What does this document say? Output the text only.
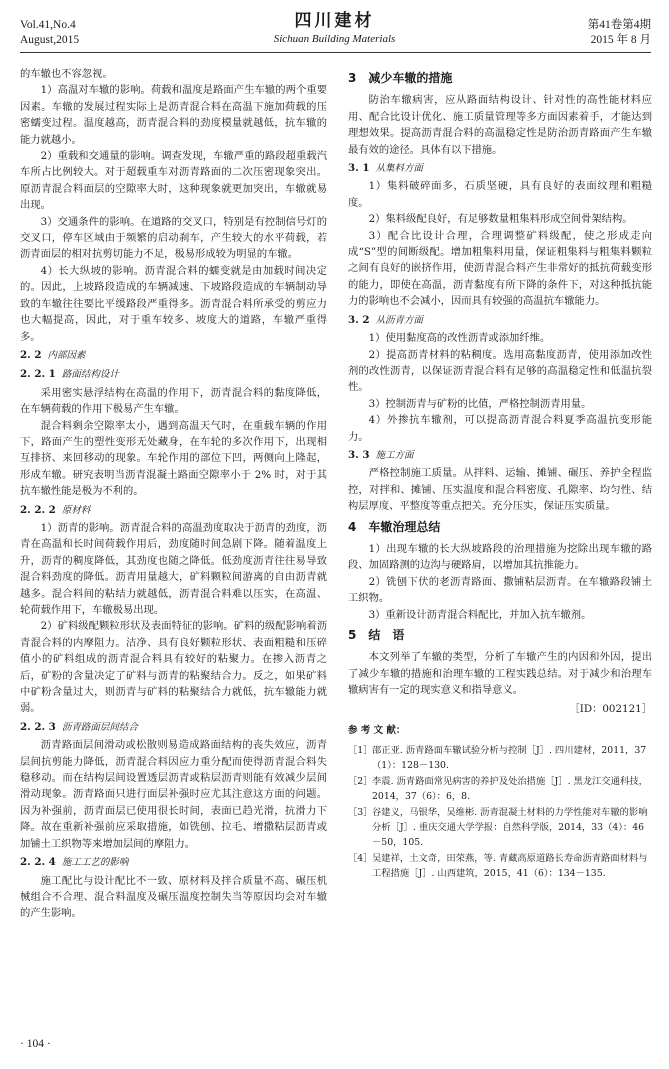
Vol.41,No.4
August,2015
四川建材
Sichuan Building Materials
第41卷第4期
2015 年 8 月

的车辙也不容忽视。

1）高温对车辙的影响。荷载和温度是路面产生车辙的两个重要因素。车辙的发展过程实际上是沥青混合料在高温下施加荷载的压密蠕变过程。温度越高，沥青混合料的劲度模量就越低，抗车辙的能力就越小。

2）重载和交通量的影响。调查发现，车辙严重的路段超重载汽车所占比例较大。对于超载重车对沥青路面的二次压密现象突出。原沥青混合料面层的空隙率大时，这种现象就更加突出，车辙就易出现。

3）交通条件的影响。在道路的交叉口，特别是有控制信号灯的交叉口，停车区域由于频繁的启动刹车，产生较大的水平荷载，若沥青面层的相对抗剪切能力不足，极易形成较为明显的车辙。

4）长大纵坡的影响。沥青混合料的蠕变就是由加载时间决定的。因此，上坡路段造成的车辆减速、下坡路段造成的车辆制动导致的车辙往往要比平缓路段严重得多。沥青混合料所承受的剪应力也大幅提高，因此，对于重车较多、坡度大的道路，车辙严重得多。

2. 2 内部因素
2. 2. 1 路面结构设计

采用密实悬浮结构在高温的作用下，沥青混合料的黏度降低，在车辆荷载的作用下极易产生车辙。

混合料剩余空隙率太小，遇到高温天气时，在重载车辆的作用下，路面产生的塑性变形无处藏身，在车轮的多次作用下，出现相互排挤、来回移动的现象。车轮作用的部位下凹，两侧向上隆起，形成车辙。研究表明当沥青混凝土路面空隙率小于 2% 时，对于其抗车辙性能是极为不利的。

2. 2. 2 原材料

1）沥青的影响。沥青混合料的高温劲度取决于沥青的劲度，沥青在高温和长时间荷载作用后，劲度随时间急剧下降。随着温度上升，沥青的稠度降低，其劲度也随之降低。低劲度沥青往往易导致混合料劲度的降低。沥青用量越大，矿料颗粒间游离的自由沥青就越多。混合料间的粘结力就越低，沥青混合料难以压实，在高温、轮荷载作用下，车辙极易出现。

2）矿料级配颗粒形状及表面特征的影响。矿料的级配影响着沥青混合料的内摩阻力。洁净、具有良好颗粒形状、表面粗糙和压碎值小的矿料组成的沥青混合料具有较好的粘聚力。在掺入沥青之后，矿粉的含量决定了矿料与沥青的粘聚结合力。反之，如果矿料中矿粉含量过大，则沥青与矿料的粘聚结合力就低，抗车辙能力就弱。

2. 2. 3 沥青路面层间结合

沥青路面层间滑动或松散则易造成路面结构的丧失效应，沥青层间抗剪能力降低，沥青混合料因应力重分配而使得沥青混合料失稳移动。而在结构层间设置透层沥青或粘层沥青则能有效减少层间滑动现象。沥青路面只进行面层补强时应尤其注意这方面的问题。因为补强前，沥青面层已使用很长时间，表面已趋光滑，抗滑力下降。故在重新补强前应采取措施，如铣刨、拉毛、增撒粘层沥青或加铺土工织物等来增加层间的摩阻力。

2. 2. 4 施工工艺的影响

施工配比与设计配比不一致、原材料及拌合质量不高、碾压机械组合不合理、混合料温度及碾压温度控制失当等原因均会对车辙的产生影响。

3　减少车辙的措施

防治车辙病害，应从路面结构设计、针对性的高性能材料应用、配合比设计优化、施工质量管理等多方面因素着手，才能达到理想效果。提高沥青混合料的高温稳定性是防治沥青路面产生车辙最有效的途径。具体有以下措施。

3. 1 从集料方面

1）集料破碎面多，石质坚硬，具有良好的表面纹理和粗糙度。

2）集料级配良好，有足够数量粗集料形成空间骨架结构。

3）配合比设计合理，合理调整矿料级配，使之形成走向成“S”型的间断级配。增加粗集料用量，保证粗集料与粗集料颗粒之间有良好的嵌挤作用，使沥青混合料产生非常好的抵抗荷载变形的能力，即使在高温，沥青黏度有所下降的条件下，对这种抵抗能力的影响也不会减小，因而具有较强的高温抗车辙能力。

3. 2 从沥青方面

1）使用黏度高的改性沥青或添加纤维。

2）提高沥青材料的粘稠度。选用高黏度沥青，使用添加改性剂的改性沥青，以保证沥青混合料有足够的高温稳定性和低温抗裂性。

3）控制沥青与矿粉的比值，严格控制沥青用量。

4）外掺抗车辙剂，可以提高沥青混合料夏季高温抗变形能力。

3. 3 施工方面

严格控制施工质量。从拌料、运输、摊铺、碾压、养护全程监控，对拌和、摊铺、压实温度和混合料密度、孔隙率、均匀性、结构层厚度、平整度等重点把关。充分压实，保证压实质量。

4　车辙治理总结

1）出现车辙的长大纵坡路段的治理措施为挖除出现车辙的路段、加固路测的边沟与硬路肩，以增加其抗推能力。

2）铣刨下伏的老沥青路面、撒铺粘层沥青。在车辙路段铺土工织物。

3）重新设计沥青混合料配比，并加入抗车辙剂。

5　结　语

本文列举了车辙的类型，分析了车辙产生的内因和外因，提出了减少车辙的措施和治理车辙的工程实践总结。对于减少和治理车辙病害有一定的现实意义和指导意义。

［ID：002121］
参 考 文 献：
［1］ 邵正亚. 沥青路面车辙试验分析与控制［J］. 四川建材，2011，37（1）：128－130.
［2］ 李震. 沥青路面常见病害的养护及处治措施［J］. 黑龙江交通科技，2014，37（6）：6，8.
［3］ 谷建义，马银华，吴维彬. 沥青混凝土材料的力学性能对车辙的影响分析［J］. 重庆交通大学学报：自然科学版，2014，33（4）：46－50，105.
［4］ 吴建祥，土文奇，田荣燕，等. 青藏高原道路长寿命沥青路面材料与工程措施［J］. 山西建筑，2015，41（6）：134－135.
· 104 ·
